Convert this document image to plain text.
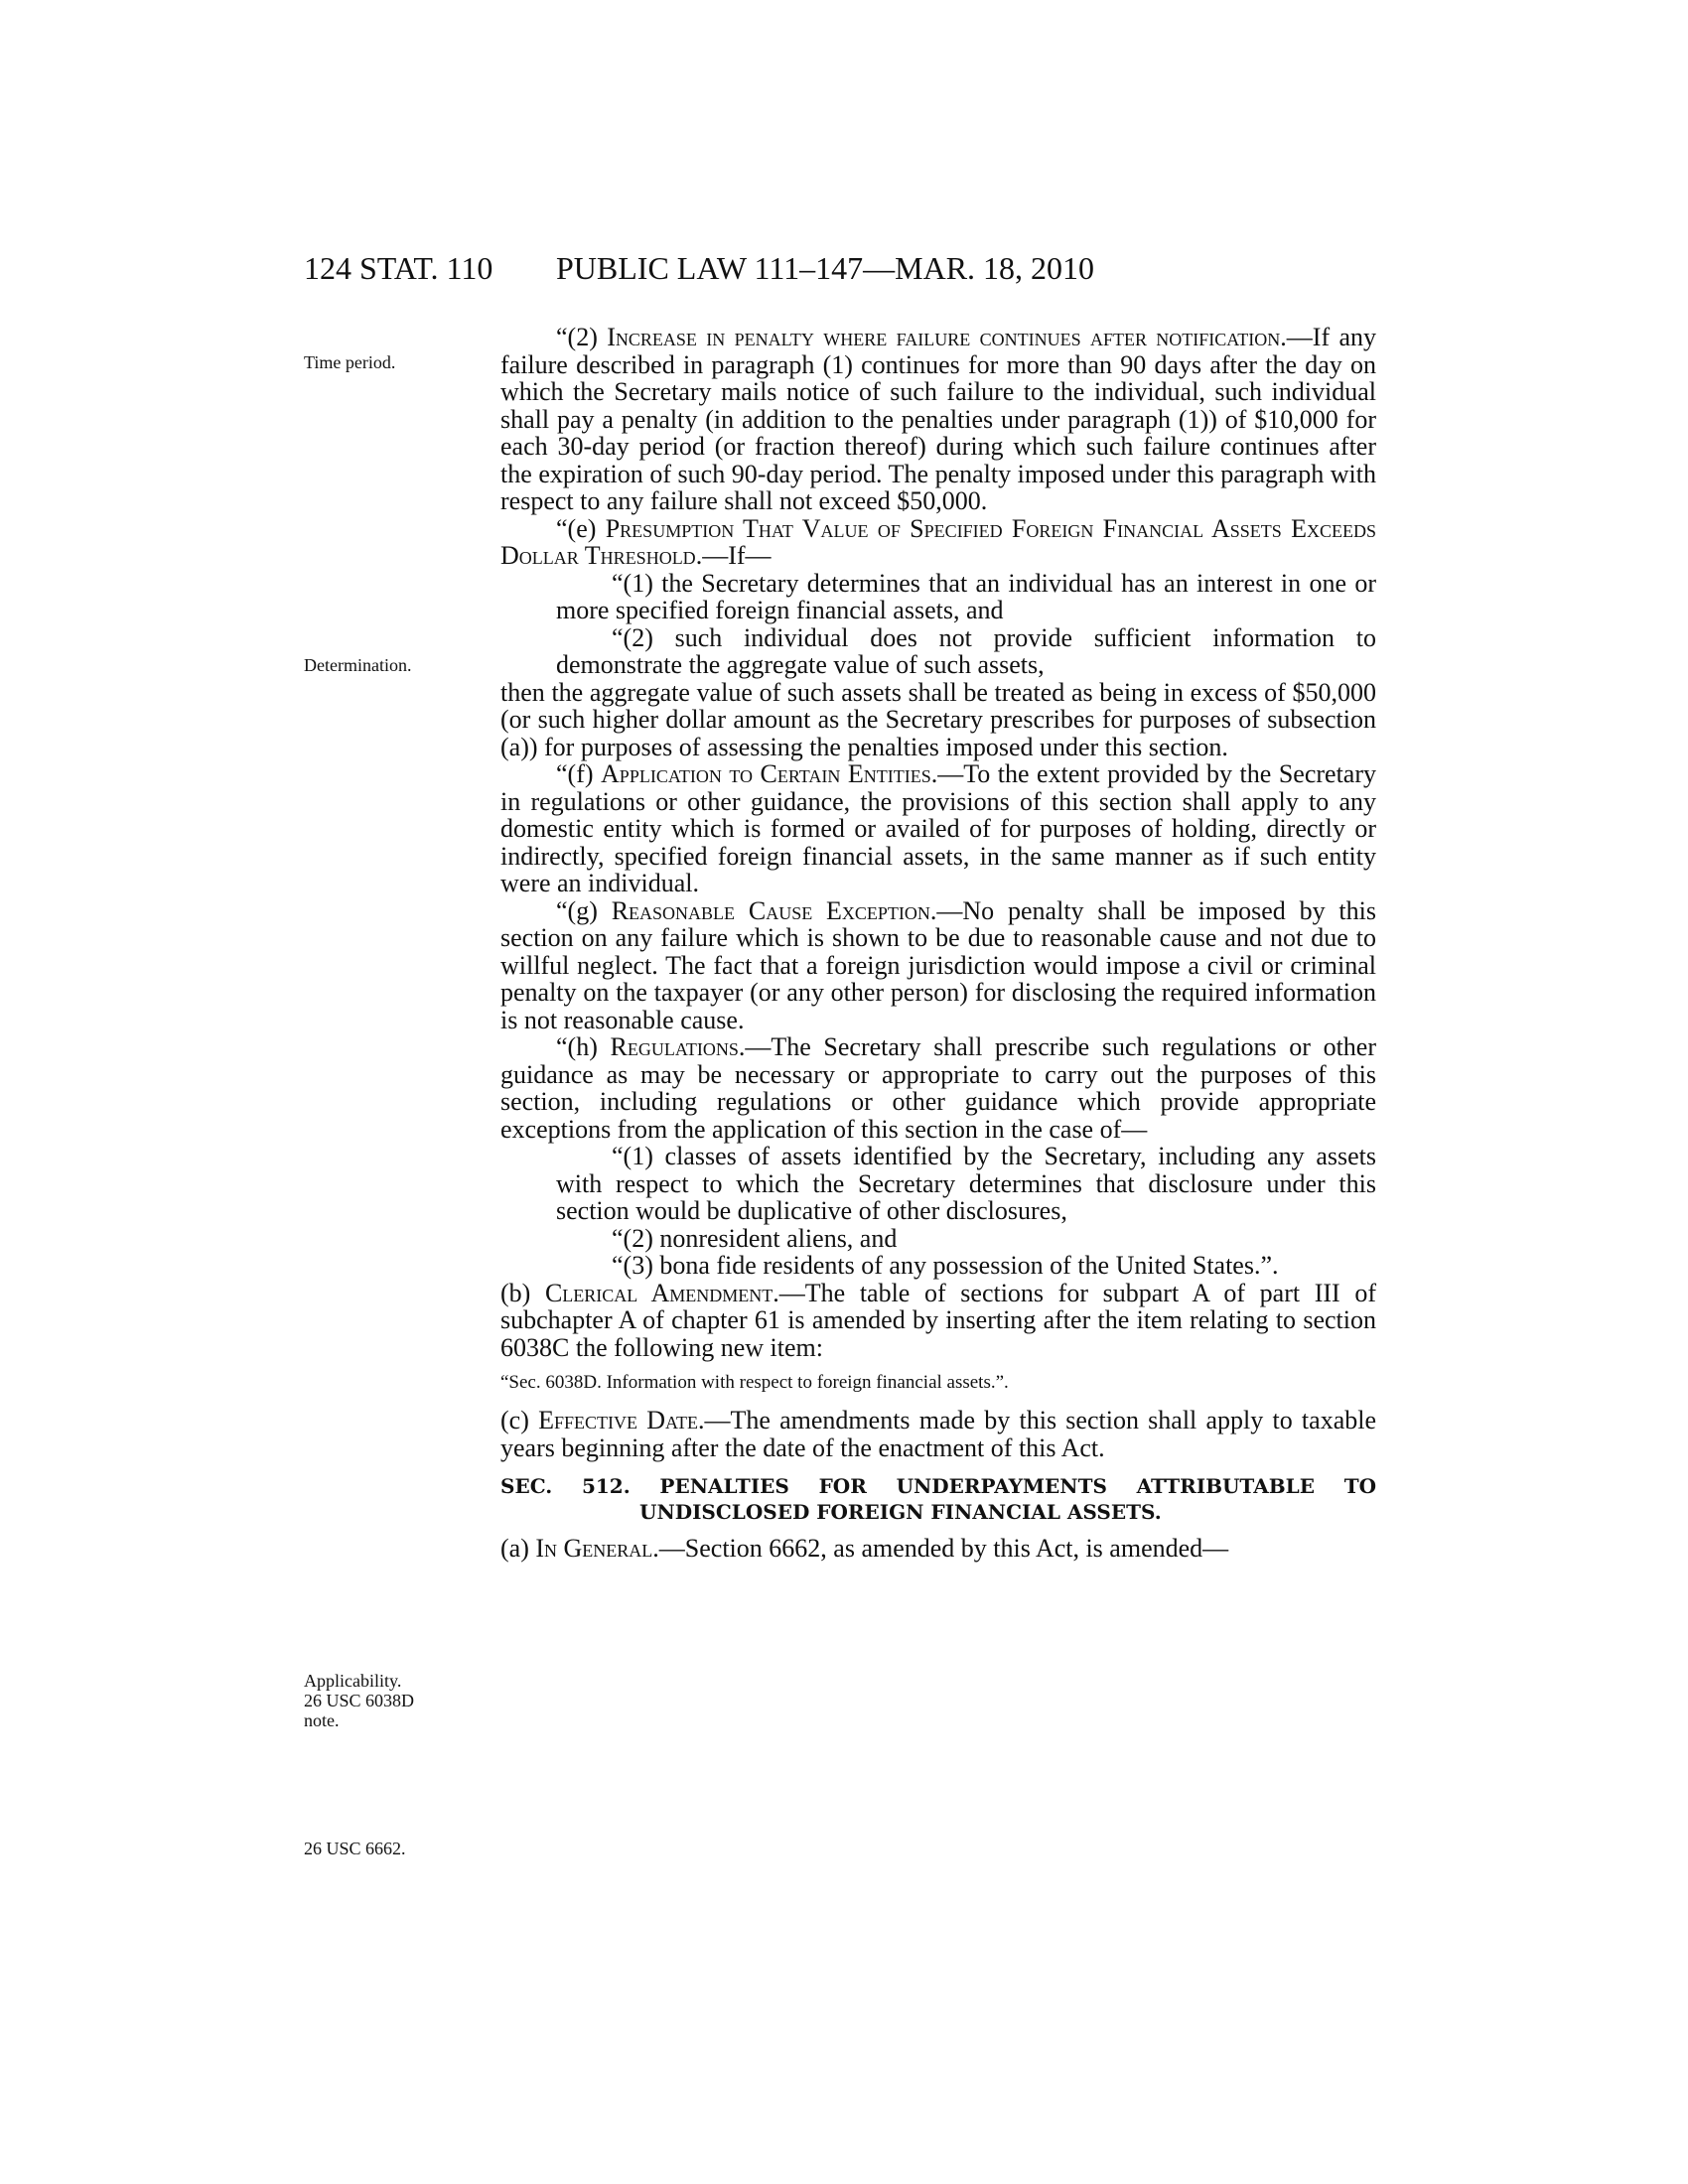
124 STAT. 110 PUBLIC LAW 111–147—MAR. 18, 2010
Time period.
Determination.
Applicability.
26 USC 6038D
note.
26 USC 6662.

“(2) Increase in penalty where failure continues after notification.—If any failure described in paragraph (1) continues for more than 90 days after the day on which the Secretary mails notice of such failure to the individual, such individual shall pay a penalty (in addition to the penalties under paragraph (1)) of $10,000 for each 30-day period (or fraction thereof) during which such failure continues after the expiration of such 90-day period. The penalty imposed under this paragraph with respect to any failure shall not exceed $50,000.

“(e) Presumption That Value of Specified Foreign Financial Assets Exceeds Dollar Threshold.—If—

“(1) the Secretary determines that an individual has an interest in one or more specified foreign financial assets, and

“(2) such individual does not provide sufficient information to demonstrate the aggregate value of such assets,

then the aggregate value of such assets shall be treated as being in excess of $50,000 (or such higher dollar amount as the Secretary prescribes for purposes of subsection (a)) for purposes of assessing the penalties imposed under this section.

“(f) Application to Certain Entities.—To the extent provided by the Secretary in regulations or other guidance, the provisions of this section shall apply to any domestic entity which is formed or availed of for purposes of holding, directly or indirectly, specified foreign financial assets, in the same manner as if such entity were an individual.

“(g) Reasonable Cause Exception.—No penalty shall be imposed by this section on any failure which is shown to be due to reasonable cause and not due to willful neglect. The fact that a foreign jurisdiction would impose a civil or criminal penalty on the taxpayer (or any other person) for disclosing the required information is not reasonable cause.

“(h) Regulations.—The Secretary shall prescribe such regulations or other guidance as may be necessary or appropriate to carry out the purposes of this section, including regulations or other guidance which provide appropriate exceptions from the application of this section in the case of—

“(1) classes of assets identified by the Secretary, including any assets with respect to which the Secretary determines that disclosure under this section would be duplicative of other disclosures,

“(2) nonresident aliens, and

“(3) bona fide residents of any possession of the United States.”.

(b) Clerical Amendment.—The table of sections for subpart A of part III of subchapter A of chapter 61 is amended by inserting after the item relating to section 6038C the following new item:

“Sec. 6038D. Information with respect to foreign financial assets.”.

(c) Effective Date.—The amendments made by this section shall apply to taxable years beginning after the date of the enactment of this Act.

SEC. 512. PENALTIES FOR UNDERPAYMENTS ATTRIBUTABLE TO
UNDISCLOSED FOREIGN FINANCIAL ASSETS.

(a) In General.—Section 6662, as amended by this Act, is amended—
